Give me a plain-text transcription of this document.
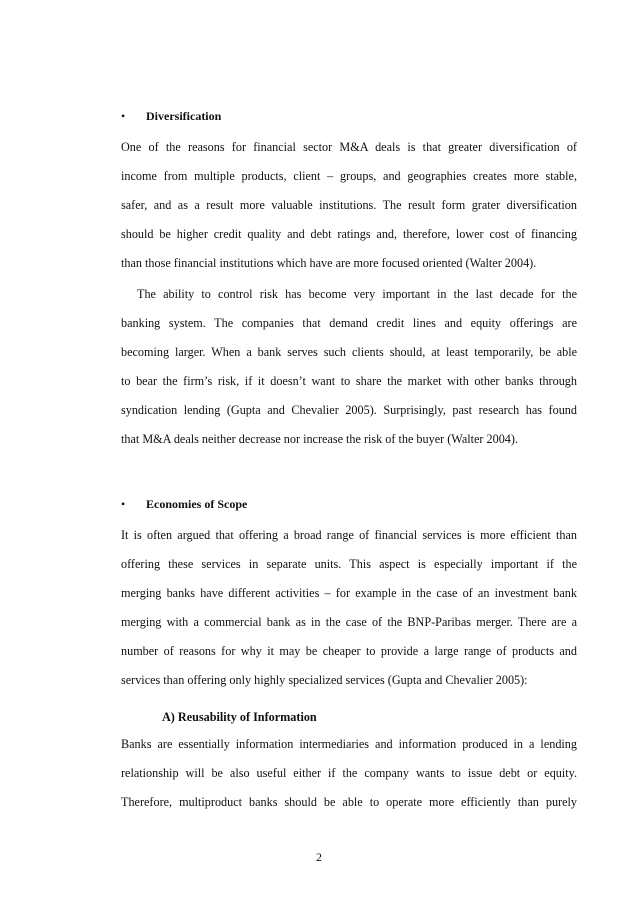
• Diversification
One of the reasons for financial sector M&A deals is that greater diversification of
income from multiple products, client – groups, and geographies creates more stable,
safer, and as a result more valuable institutions. The result form grater diversification
should be higher credit quality and debt ratings and, therefore, lower cost of financing
than those financial institutions which have are more focused oriented (Walter 2004).
The ability to control risk has become very important in the last decade for the
banking system. The companies that demand credit lines and equity offerings are
becoming larger. When a bank serves such clients should, at least temporarily, be able
to bear the firm’s risk, if it doesn’t want to share the market with other banks through
syndication lending (Gupta and Chevalier 2005). Surprisingly, past research has found
that M&A deals neither decrease nor increase the risk of the buyer (Walter 2004).
• Economies of Scope
It is often argued that offering a broad range of financial services is more efficient than
offering these services in separate units. This aspect is especially important if the
merging banks have different activities – for example in the case of an investment bank
merging with a commercial bank as in the case of the BNP-Paribas merger. There are a
number of reasons for why it may be cheaper to provide a large range of products and
services than offering only highly specialized services (Gupta and Chevalier 2005):
A) Reusability of Information
Banks are essentially information intermediaries and information produced in a lending
relationship will be also useful either if the company wants to issue debt or equity.
Therefore, multiproduct banks should be able to operate more efficiently than purely
2
